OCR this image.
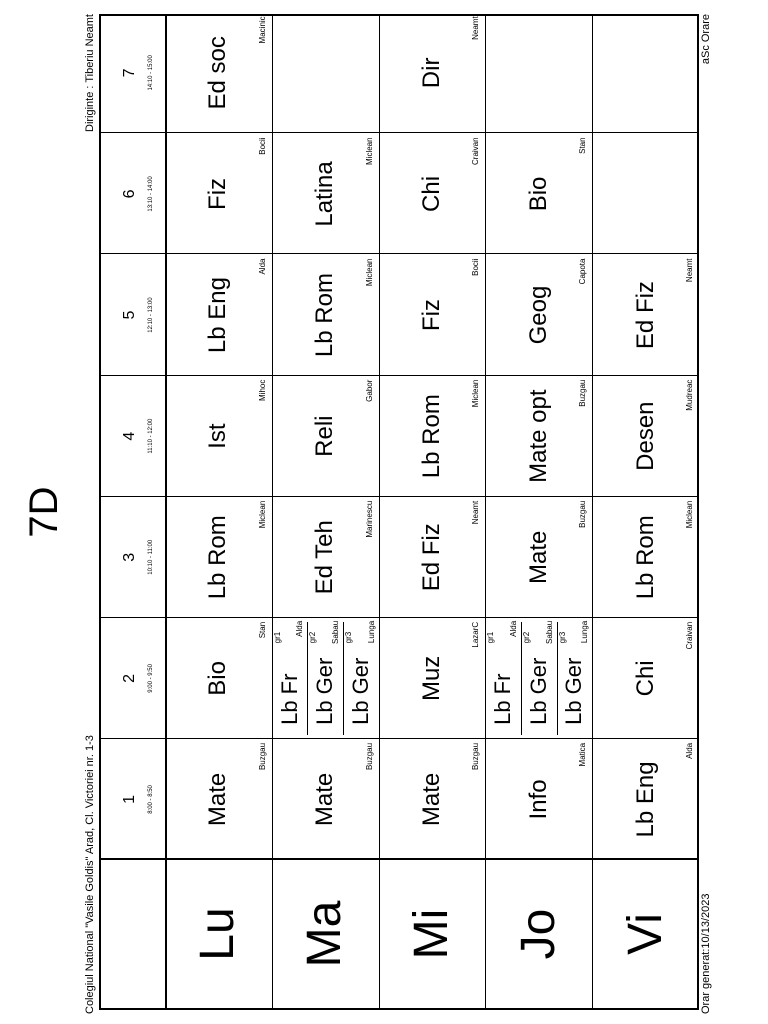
Colegiul National "Vasile Goldis" Arad, Cl. Victoriei nr. 1-3
7D
Diriginte : Tiberiu Neamt
1 8:00 - 8:50
2 9:00 - 9:50
3 10:10 - 11:00
4 11:10 - 12:00
5 12:10 - 13:00
6 13:10 - 14:00
7 14:10 - 15:00
Lu
Mate
Buzgau
Bio
Stan
Lb Rom
Miclean
Ist
Mihoc
Lb Eng
Alda
Fiz
Bocii
Ed soc
Macinic
Ma
Mate
Buzgau
Lb Fr
gr1
Alda
Lb Ger
gr2 Sabau
Lb Ger
gr3 Lunga
Ed Teh
Marinescu
Reli
Gabor
Lb Rom
Miclean
Latina
Miclean
Mi
Mate
Buzgau
Muz
LazarC
Ed Fiz
Neamt
Lb Rom
Miclean
Fiz
Bocii
Chi
Craivan
Dir
Neamt
Jo
Info
Matica
Lb Fr
gr1
Alda
Lb Ger
gr2 Sabau
Lb Ger
gr3 Lunga
Mate
Buzgau
Mate opt	Buzgau
Geog
Capota
Bio
Stan
Vi
Lb Eng
Alda
Chi
Craivan
Lb Rom
Miclean
Desen
Mudreac
Ed Fiz
Neamt
Orar generat:10/13/2023
aSc Orare
